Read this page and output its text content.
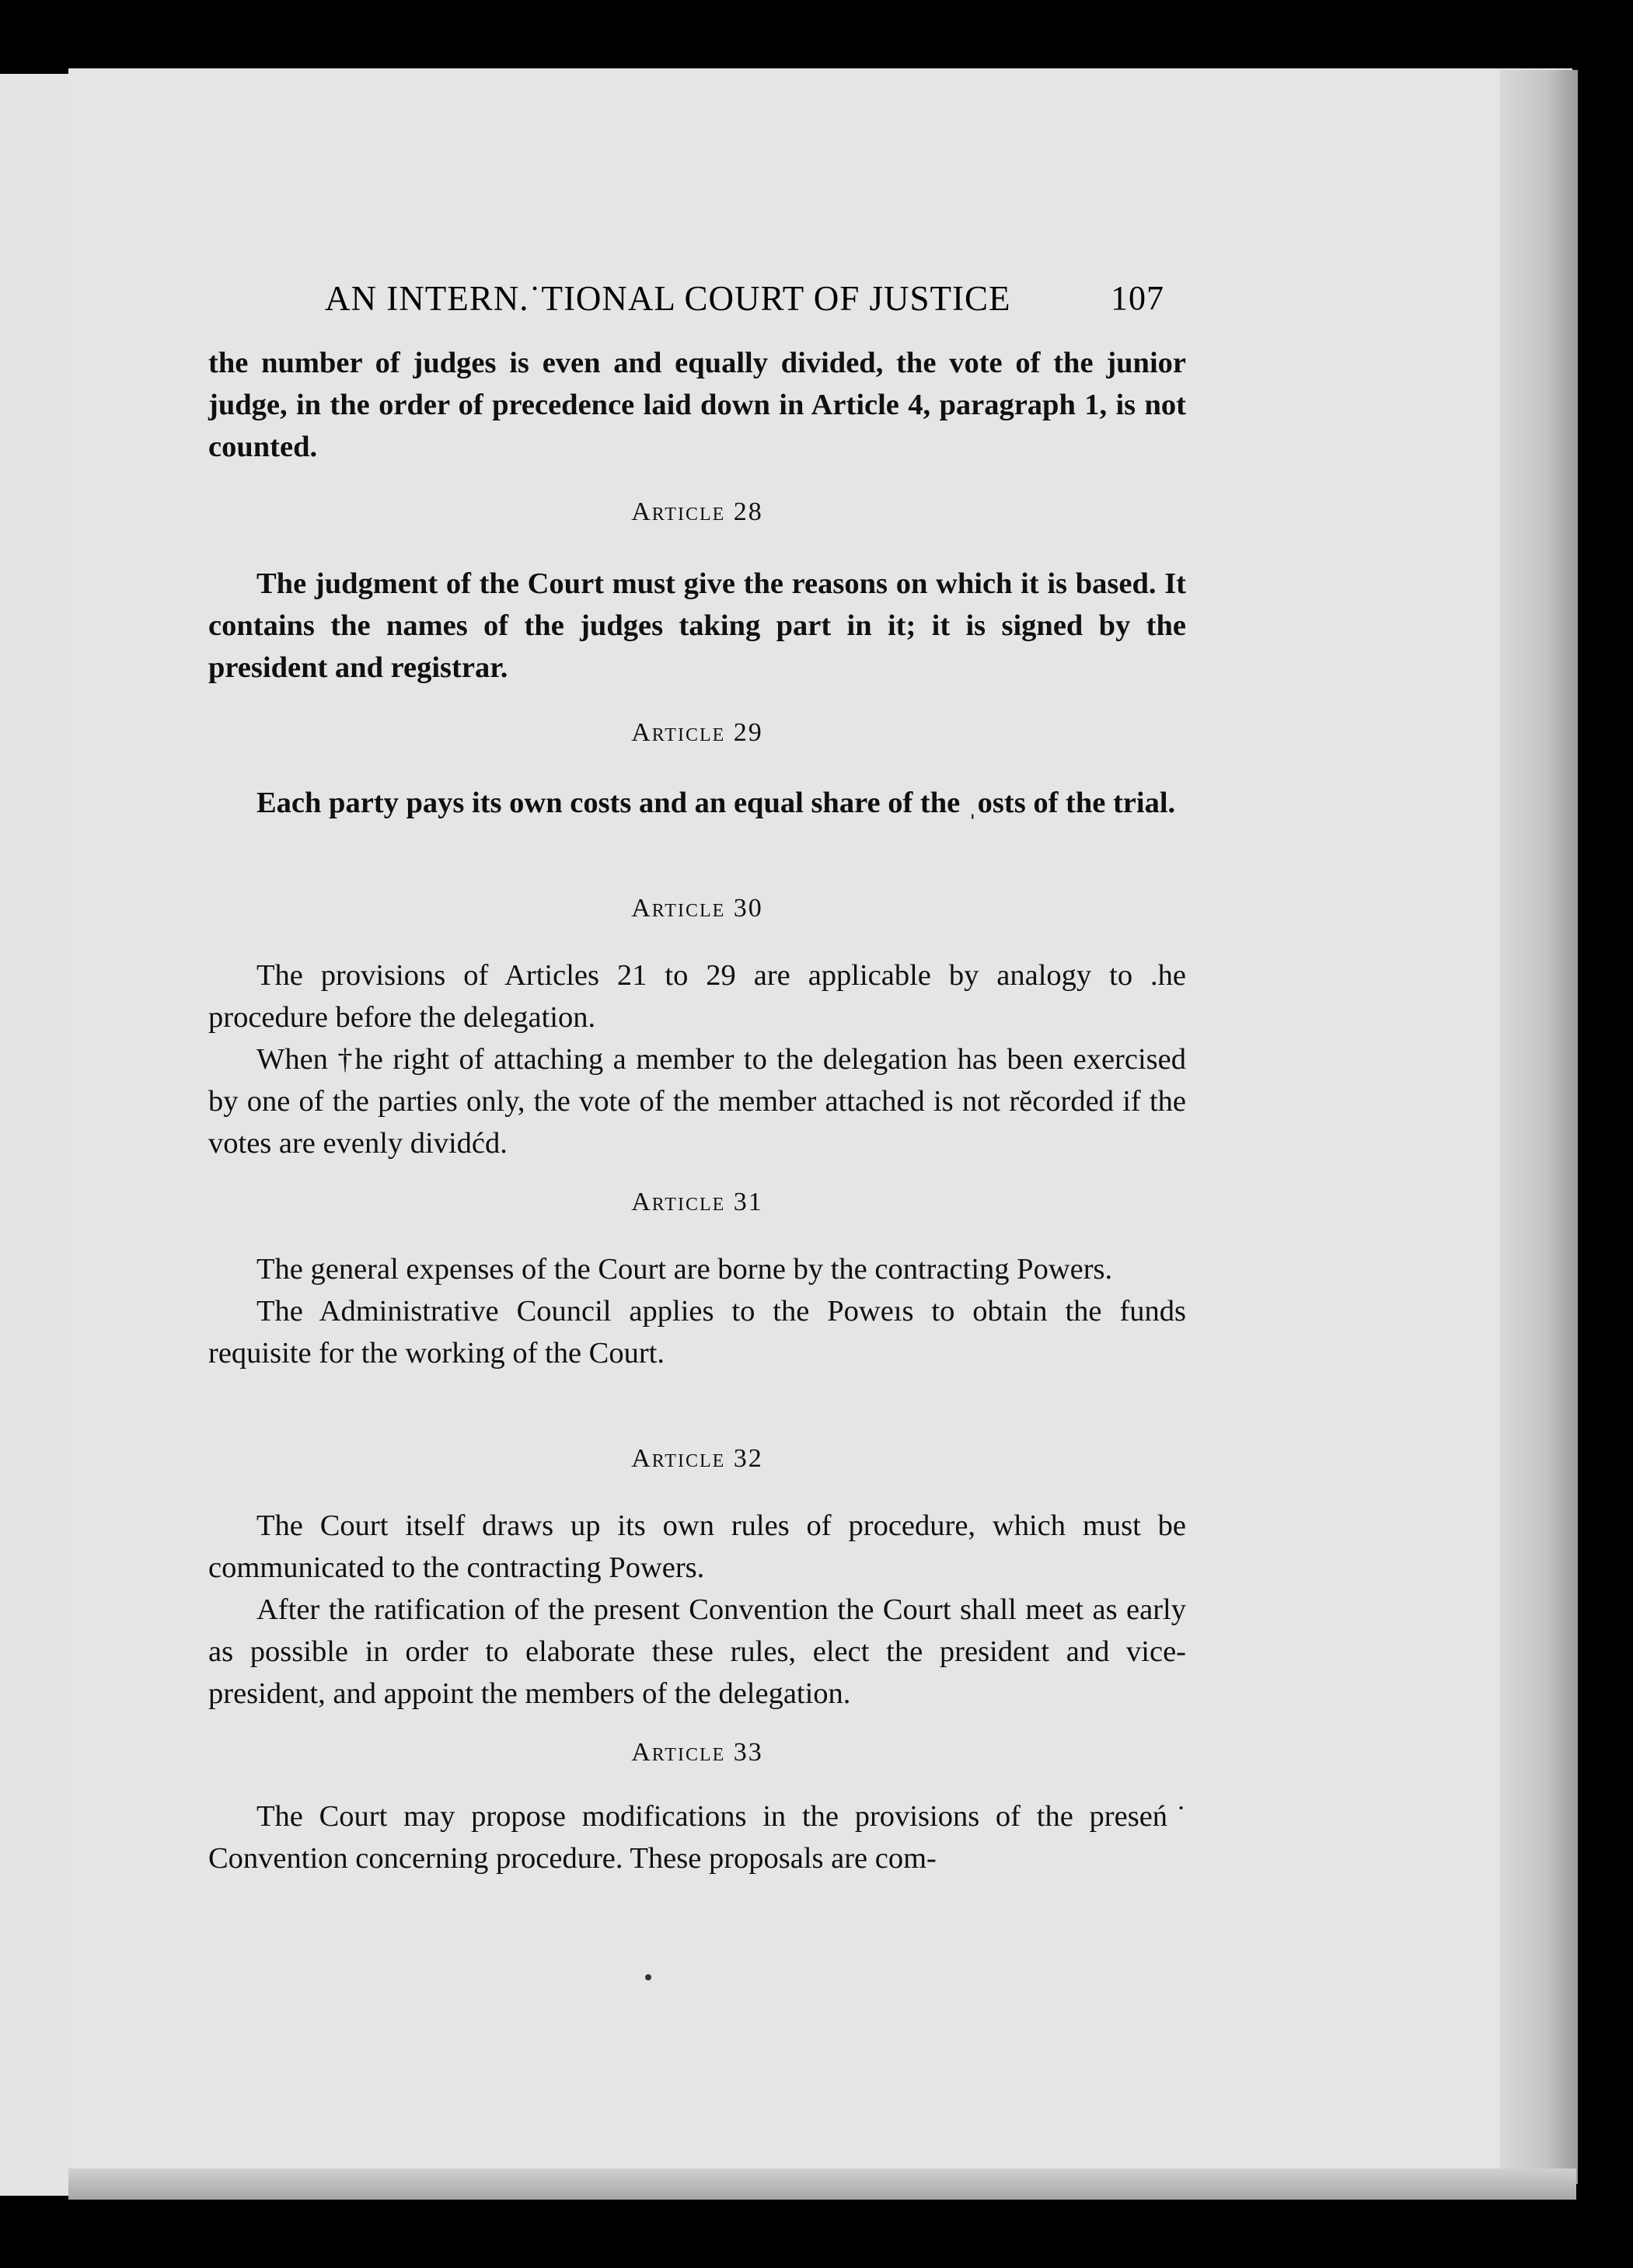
AN INTERN.˙TIONAL COURT OF JUSTICE	107

the number of judges is even and equally divided, the vote of the junior judge, in the order of precedence laid down in Article 4, paragraph 1, is not counted.

Article 28

The judgment of the Court must give the reasons on which it is based. It contains the names of the judges taking part in it; it is signed by the president and registrar.

Article 29

Each party pays its own costs and an equal share of the ˌosts of the trial.

Article 30

The provisions of Articles 21 to 29 are applicable by analogy to .he procedure before the delegation.

When †he right of attaching a member to the delegation has been exercised by one of the parties only, the vote of the member attached is not rĕcorded if the votes are evenly dividćd.

Article 31

The general expenses of the Court are borne by the contracting Powers.

The Administrative Council applies to the Poweıs to obtain the funds requisite for the working of the Court.

Article 32

The Court itself draws up its own rules of procedure, which must be communicated to the contracting Powers.

After the ratification of the present Convention the Court shall meet as early as possible in order to elaborate these rules, elect the president and vice-president, and appoint the members of the delegation.

Article 33

The Court may propose modifications in the provisions of the preseń˙ Convention concerning procedure. These proposals are com-
